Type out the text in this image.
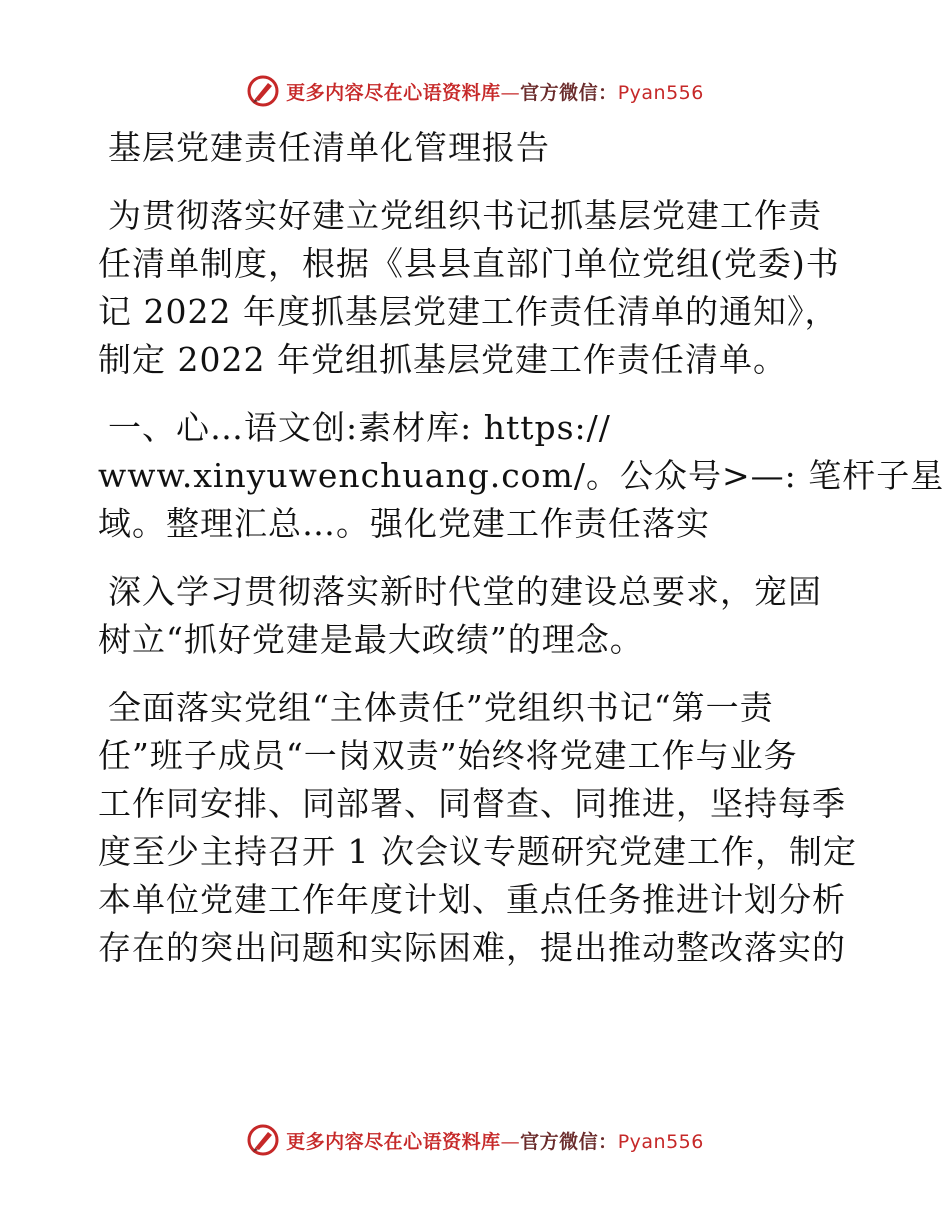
更多内容尽在心语资料库—官方微信：Pyan556
基层党建责任清单化管理报告
为贯彻落实好建立党组织书记抓基层党建工作责
任清单制度，根据《县县直部门单位党组(党委)书
记 2022 年度抓基层党建工作责任清单的通知》，
制定 2022 年党组抓基层党建工作责任清单。
一、心…语文创:素材库: https://
www.xinyuwenchuang.com/。公众号>—: 笔杆子星
域。整理汇总…。强化党建工作责任落实
深入学习贯彻落实新时代堂的建设总要求，宠固
树立“抓好党建是最大政绩”的理念。
全面落实党组“主体责任”党组织书记“第一责
任”班子成员“一岗双责”始终将党建工作与业务
工作同安排、同部署、同督查、同推进，坚持每季
度至少主持召开 1 次会议专题研究党建工作，制定
本单位党建工作年度计划、重点任务推进计划分析
存在的突出问题和实际困难，提出推动整改落实的
更多内容尽在心语资料库—官方微信：Pyan556
